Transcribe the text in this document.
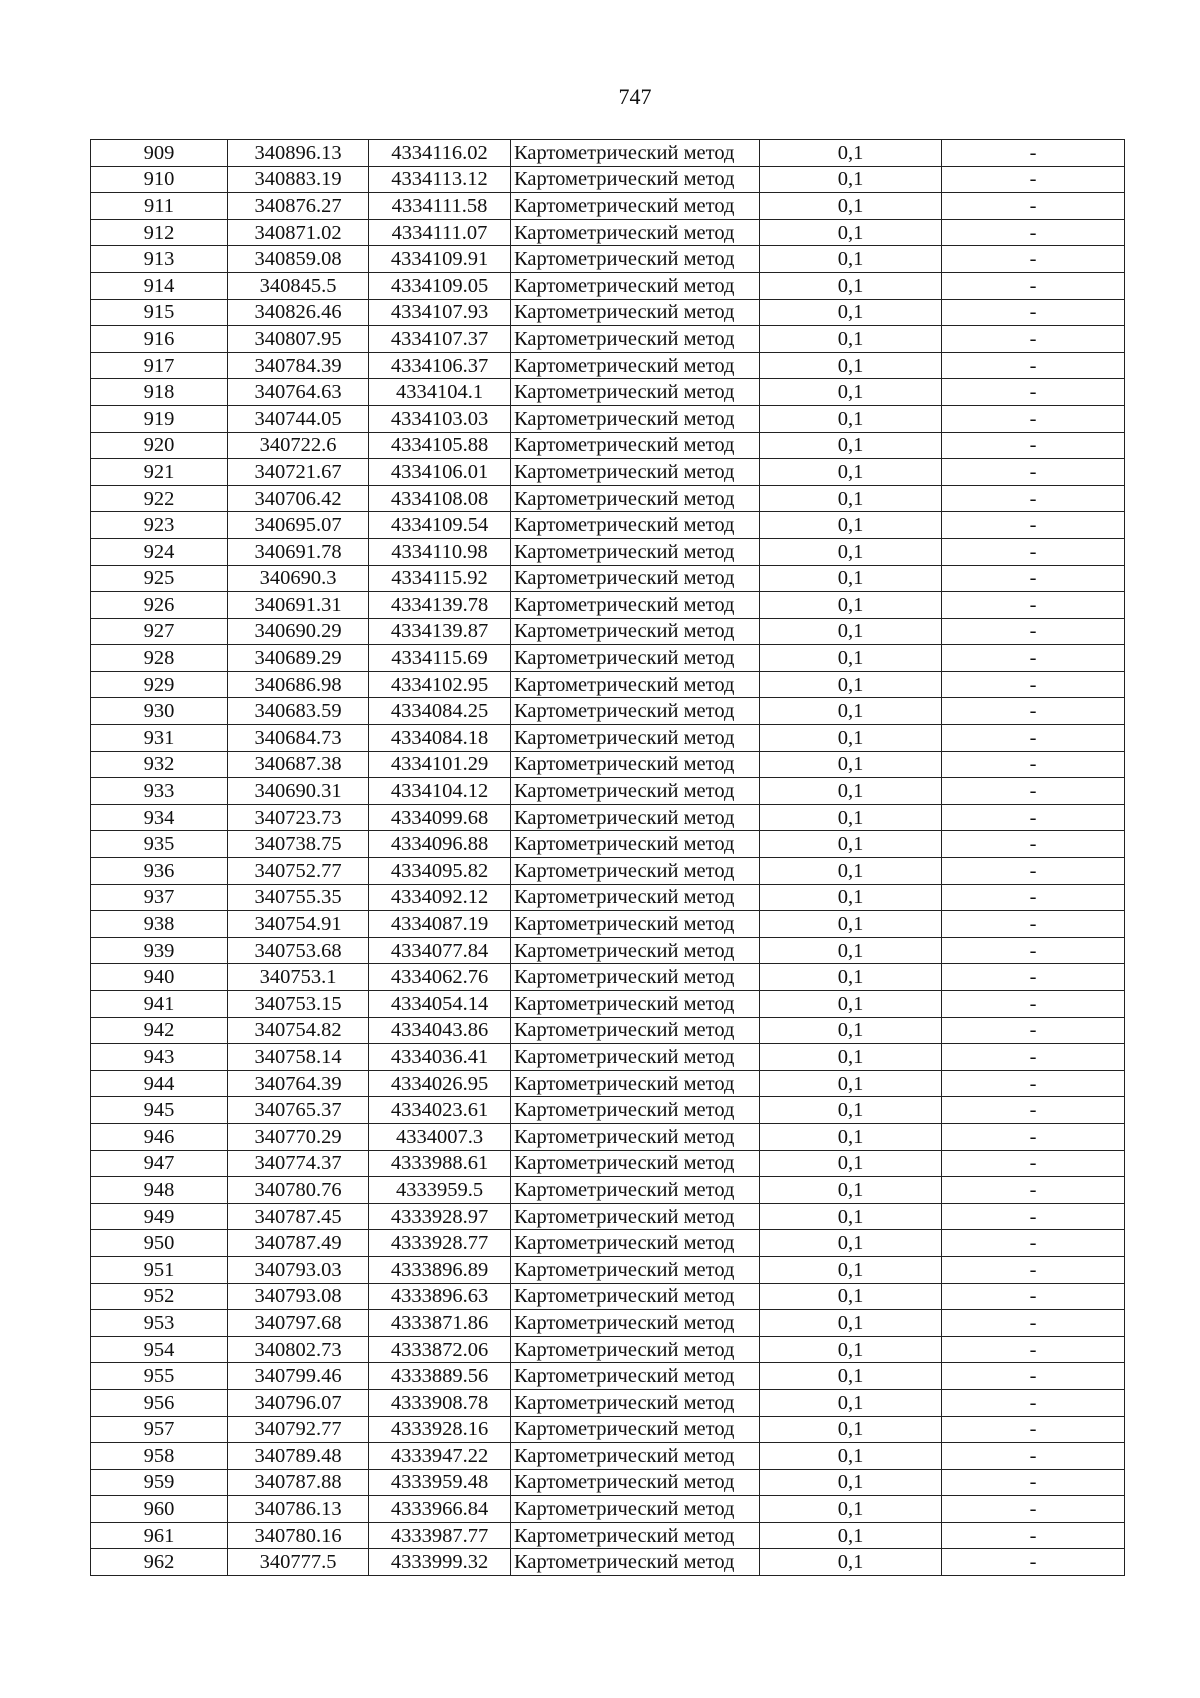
747
909	340896.13	4334116.02	Картометрический метод	0,1	-
910	340883.19	4334113.12	Картометрический метод	0,1	-
911	340876.27	4334111.58	Картометрический метод	0,1	-
912	340871.02	4334111.07	Картометрический метод	0,1	-
913	340859.08	4334109.91	Картометрический метод	0,1	-
914	340845.5	4334109.05	Картометрический метод	0,1	-
915	340826.46	4334107.93	Картометрический метод	0,1	-
916	340807.95	4334107.37	Картометрический метод	0,1	-
917	340784.39	4334106.37	Картометрический метод	0,1	-
918	340764.63	4334104.1	Картометрический метод	0,1	-
919	340744.05	4334103.03	Картометрический метод	0,1	-
920	340722.6	4334105.88	Картометрический метод	0,1	-
921	340721.67	4334106.01	Картометрический метод	0,1	-
922	340706.42	4334108.08	Картометрический метод	0,1	-
923	340695.07	4334109.54	Картометрический метод	0,1	-
924	340691.78	4334110.98	Картометрический метод	0,1	-
925	340690.3	4334115.92	Картометрический метод	0,1	-
926	340691.31	4334139.78	Картометрический метод	0,1	-
927	340690.29	4334139.87	Картометрический метод	0,1	-
928	340689.29	4334115.69	Картометрический метод	0,1	-
929	340686.98	4334102.95	Картометрический метод	0,1	-
930	340683.59	4334084.25	Картометрический метод	0,1	-
931	340684.73	4334084.18	Картометрический метод	0,1	-
932	340687.38	4334101.29	Картометрический метод	0,1	-
933	340690.31	4334104.12	Картометрический метод	0,1	-
934	340723.73	4334099.68	Картометрический метод	0,1	-
935	340738.75	4334096.88	Картометрический метод	0,1	-
936	340752.77	4334095.82	Картометрический метод	0,1	-
937	340755.35	4334092.12	Картометрический метод	0,1	-
938	340754.91	4334087.19	Картометрический метод	0,1	-
939	340753.68	4334077.84	Картометрический метод	0,1	-
940	340753.1	4334062.76	Картометрический метод	0,1	-
941	340753.15	4334054.14	Картометрический метод	0,1	-
942	340754.82	4334043.86	Картометрический метод	0,1	-
943	340758.14	4334036.41	Картометрический метод	0,1	-
944	340764.39	4334026.95	Картометрический метод	0,1	-
945	340765.37	4334023.61	Картометрический метод	0,1	-
946	340770.29	4334007.3	Картометрический метод	0,1	-
947	340774.37	4333988.61	Картометрический метод	0,1	-
948	340780.76	4333959.5	Картометрический метод	0,1	-
949	340787.45	4333928.97	Картометрический метод	0,1	-
950	340787.49	4333928.77	Картометрический метод	0,1	-
951	340793.03	4333896.89	Картометрический метод	0,1	-
952	340793.08	4333896.63	Картометрический метод	0,1	-
953	340797.68	4333871.86	Картометрический метод	0,1	-
954	340802.73	4333872.06	Картометрический метод	0,1	-
955	340799.46	4333889.56	Картометрический метод	0,1	-
956	340796.07	4333908.78	Картометрический метод	0,1	-
957	340792.77	4333928.16	Картометрический метод	0,1	-
958	340789.48	4333947.22	Картометрический метод	0,1	-
959	340787.88	4333959.48	Картометрический метод	0,1	-
960	340786.13	4333966.84	Картометрический метод	0,1	-
961	340780.16	4333987.77	Картометрический метод	0,1	-
962	340777.5	4333999.32	Картометрический метод	0,1	-
